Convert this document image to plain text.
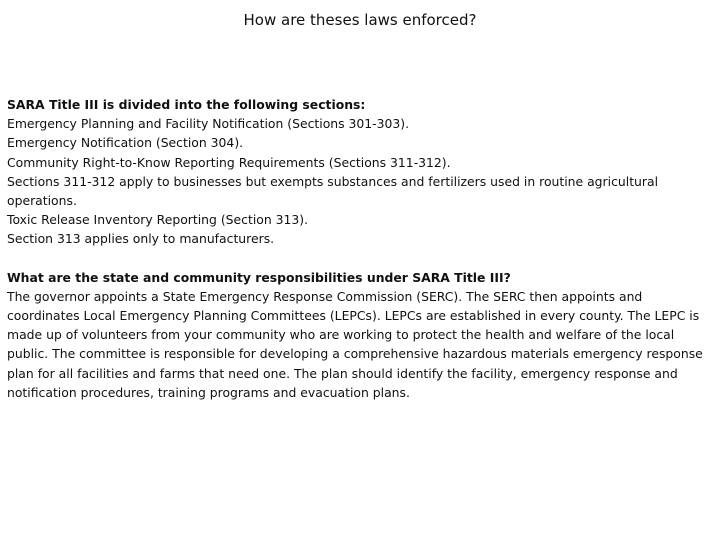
How are theses laws enforced?
SARA Title III is divided into the following sections:
Emergency Planning and Facility Notification (Sections 301-303).
Emergency Notification (Section 304).
Community Right-to-Know Reporting Requirements (Sections 311-312).
Sections 311-312 apply to businesses but exempts substances and fertilizers used in routine agricultural operations.
Toxic Release Inventory Reporting (Section 313).
Section 313 applies only to manufacturers.
What are the state and community responsibilities under SARA Title III?
The governor appoints a State Emergency Response Commission (SERC). The SERC then appoints and coordinates Local Emergency Planning Committees (LEPCs). LEPCs are established in every county. The LEPC is made up of volunteers from your community who are working to protect the health and welfare of the local public. The committee is responsible for developing a comprehensive hazardous materials emergency response plan for all facilities and farms that need one. The plan should identify the facility, emergency response and notification procedures, training programs and evacuation plans.
